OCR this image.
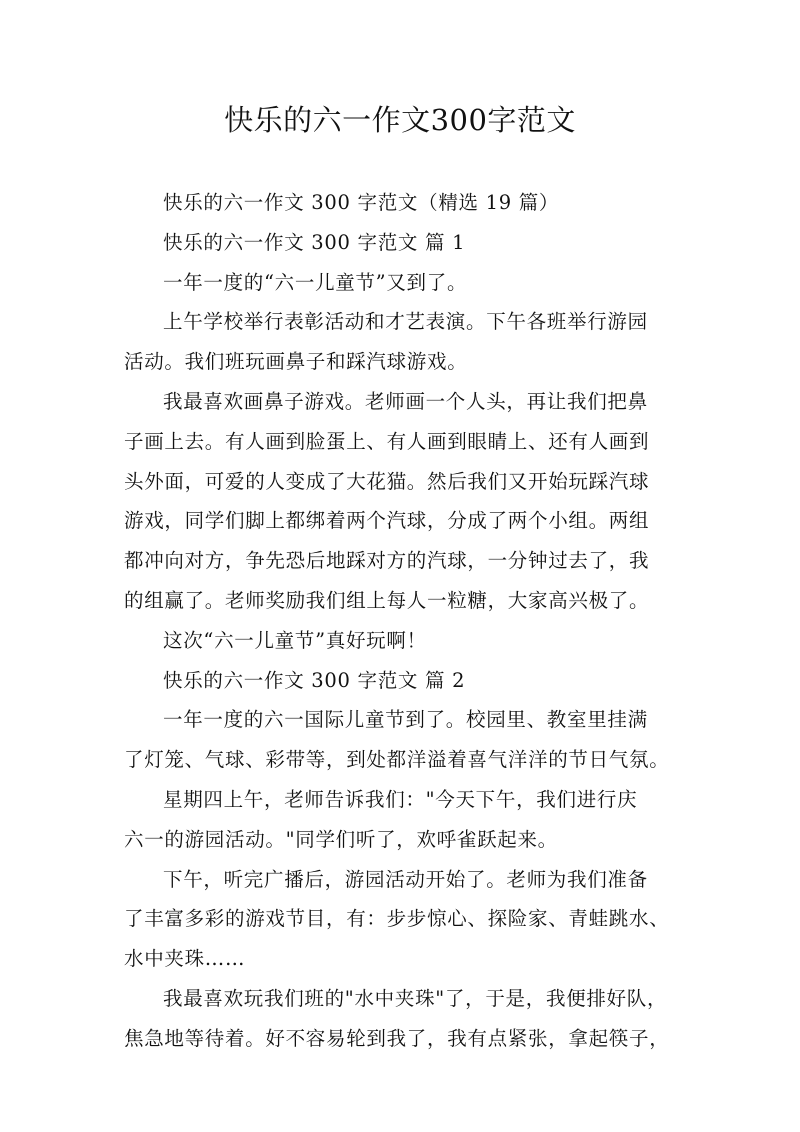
快乐的六一作文300字范文

快乐的六一作文 300 字范文（精选 19 篇）

快乐的六一作文 300 字范文 篇 1

一年一度的“六一儿童节”又到了。

上午学校举行表彰活动和才艺表演。下午各班举行游园
活动。我们班玩画鼻子和踩汽球游戏。

我最喜欢画鼻子游戏。老师画一个人头，再让我们把鼻
子画上去。有人画到脸蛋上、有人画到眼睛上、还有人画到
头外面，可爱的人变成了大花猫。然后我们又开始玩踩汽球
游戏，同学们脚上都绑着两个汽球，分成了两个小组。两组
都冲向对方，争先恐后地踩对方的汽球，一分钟过去了，我
的组赢了。老师奖励我们组上每人一粒糖，大家高兴极了。

这次“六一儿童节”真好玩啊！

快乐的六一作文 300 字范文 篇 2

一年一度的六一国际儿童节到了。校园里、教室里挂满
了灯笼、气球、彩带等，到处都洋溢着喜气洋洋的节日气氛。

星期四上午，老师告诉我们："今天下午，我们进行庆
六一的游园活动。"同学们听了，欢呼雀跃起来。

下午，听完广播后，游园活动开始了。老师为我们准备
了丰富多彩的游戏节目，有：步步惊心、探险家、青蛙跳水、
水中夹珠……

我最喜欢玩我们班的"水中夹珠"了，于是，我便排好队，
焦急地等待着。好不容易轮到我了，我有点紧张，拿起筷子，
